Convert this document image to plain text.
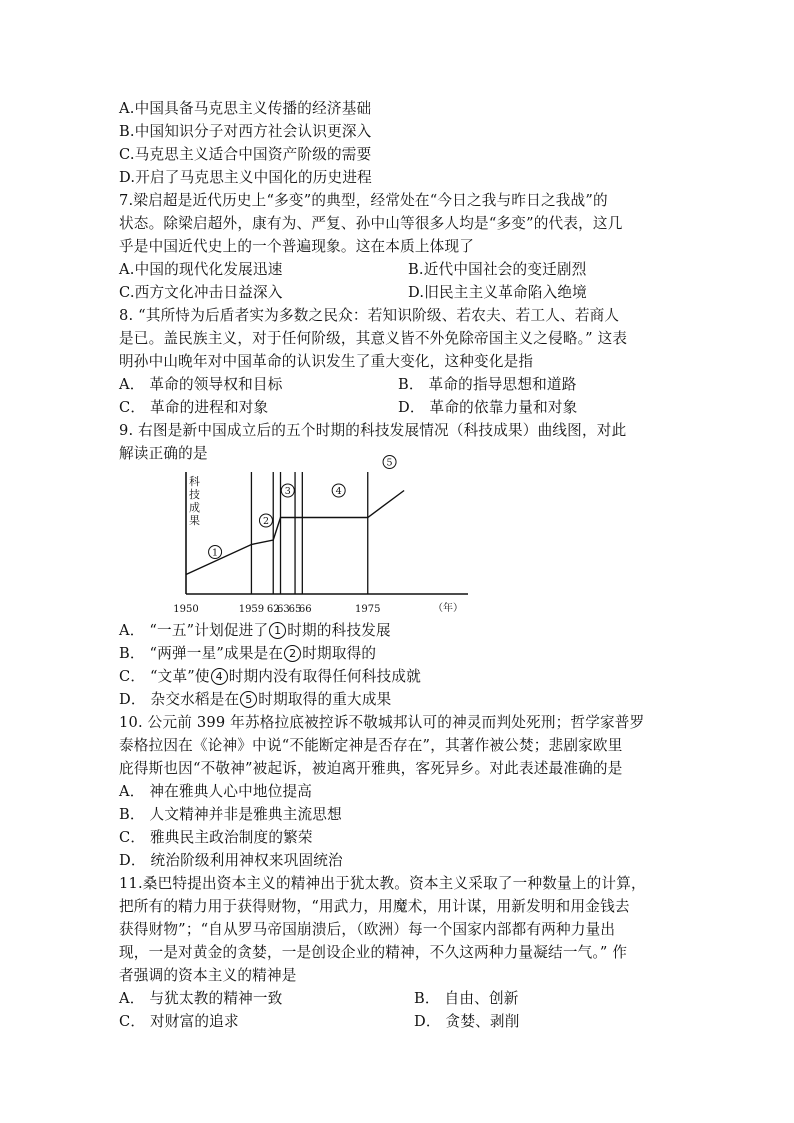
A.中国具备马克思主义传播的经济基础
B.中国知识分子对西方社会认识更深入
C.马克思主义适合中国资产阶级的需要
D.开启了马克思主义中国化的历史进程
7.梁启超是近代历史上“多变”的典型，经常处在“今日之我与昨日之我战”的
状态。除梁启超外，康有为、严复、孙中山等很多人均是“多变”的代表，这几
乎是中国近代史上的一个普遍现象。这在本质上体现了
A.中国的现代化发展迅速	B.近代中国社会的变迁剧烈
C.西方文化冲击日益深入	D.旧民主主义革命陷入绝境
8. “其所恃为后盾者实为多数之民众：若知识阶级、若农夫、若工人、若商人
是已。盖民族主义，对于任何阶级，其意义皆不外免除帝国主义之侵略。” 这表
明孙中山晚年对中国革命的认识发生了重大变化，这种变化是指
A． 革命的领导权和目标	B． 革命的指导思想和道路
C． 革命的进程和对象	D． 革命的依靠力量和对象
9. 右图是新中国成立后的五个时期的科技发展情况（科技成果）曲线图，对此
解读正确的是
科
技
成
果
1950	1959 62
63
65
66	1975	（年）
1
2
3	4
5
A． “一五”计划促进了 1 时期的科技发展
B． “两弹一星”成果是在 2 时期取得的
C． “文革”使 4 时期内没有取得任何科技成就
D． 杂交水稻是在 5 时期取得的重大成果
10. 公元前 399 年苏格拉底被控诉不敬城邦认可的神灵而判处死刑；哲学家普罗
泰格拉因在《论神》中说“不能断定神是否存在”，其著作被公焚；悲剧家欧里
庇得斯也因“不敬神”被起诉，被迫离开雅典，客死异乡。对此表述最准确的是
A． 神在雅典人心中地位提高
B． 人文精神并非是雅典主流思想
C． 雅典民主政治制度的繁荣
D． 统治阶级利用神权来巩固统治
11.桑巴特提出资本主义的精神出于犹太教。资本主义采取了一种数量上的计算，
把所有的精力用于获得财物，“用武力，用魔术，用计谋，用新发明和用金钱去
获得财物”；“自从罗马帝国崩溃后，（欧洲）每一个国家内部都有两种力量出
现，一是对黄金的贪婪，一是创设企业的精神，不久这两种力量凝结一气。” 作
者强调的资本主义的精神是
A． 与犹太教的精神一致	B． 自由、创新
C． 对财富的追求	D． 贪婪、剥削
